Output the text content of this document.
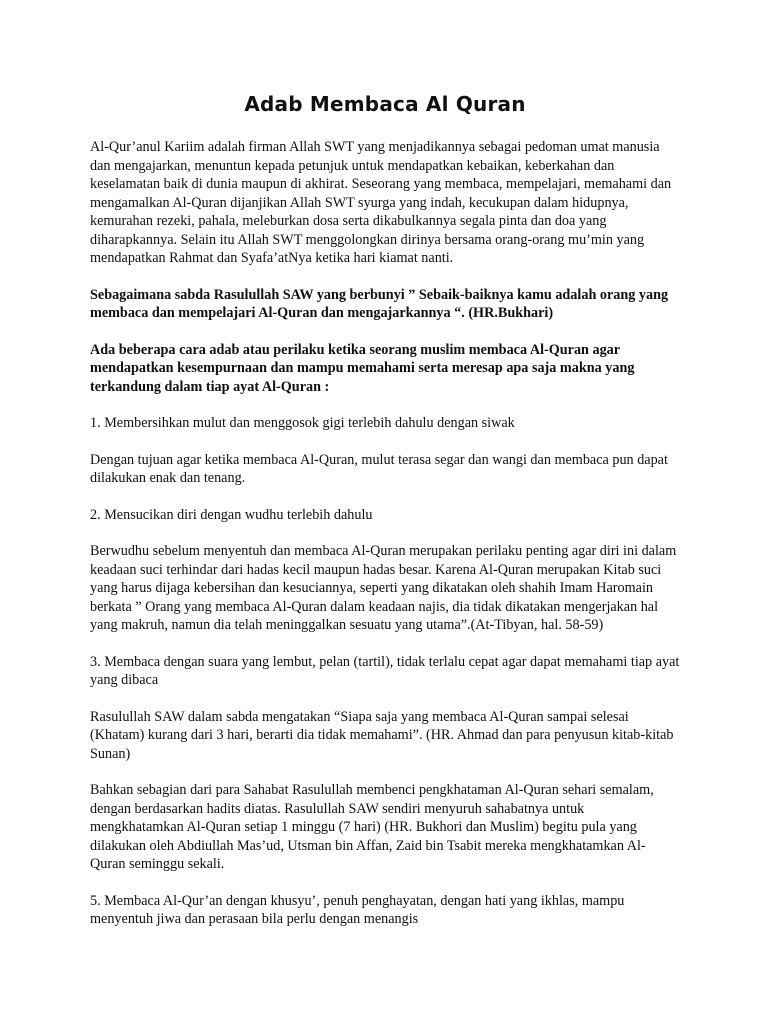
Adab Membaca Al Quran

Al-Qur’anul Kariim adalah firman Allah SWT yang menjadikannya sebagai pedoman umat manusia dan mengajarkan, menuntun kepada petunjuk untuk mendapatkan kebaikan, keberkahan dan keselamatan baik di dunia maupun di akhirat. Seseorang yang membaca, mempelajari, memahami dan mengamalkan Al-Quran dijanjikan Allah SWT syurga yang indah, kecukupan dalam hidupnya, kemurahan rezeki, pahala, meleburkan dosa serta dikabulkannya segala pinta dan doa yang diharapkannya. Selain itu Allah SWT menggolongkan dirinya bersama orang-orang mu’min yang mendapatkan Rahmat dan Syafa’atNya ketika hari kiamat nanti.

Sebagaimana sabda Rasulullah SAW yang berbunyi ” Sebaik-baiknya kamu adalah orang yang membaca dan mempelajari Al-Quran dan mengajarkannya “. (HR.Bukhari)

Ada beberapa cara adab atau perilaku ketika seorang muslim membaca Al-Quran agar mendapatkan kesempurnaan dan mampu memahami serta meresap apa saja makna yang terkandung dalam tiap ayat Al-Quran :

1. Membersihkan mulut dan menggosok gigi terlebih dahulu dengan siwak

Dengan tujuan agar ketika membaca Al-Quran, mulut terasa segar dan wangi dan membaca pun dapat dilakukan enak dan tenang.

2. Mensucikan diri dengan wudhu terlebih dahulu

Berwudhu sebelum menyentuh dan membaca Al-Quran merupakan perilaku penting agar diri ini dalam keadaan suci terhindar dari hadas kecil maupun hadas besar. Karena Al-Quran merupakan Kitab suci yang harus dijaga kebersihan dan kesuciannya, seperti yang dikatakan oleh shahih Imam Haromain berkata ” Orang yang membaca Al-Quran dalam keadaan najis, dia tidak dikatakan mengerjakan hal yang makruh, namun dia telah meninggalkan sesuatu yang utama”.(At-Tibyan, hal. 58-59)

3. Membaca dengan suara yang lembut, pelan (tartil), tidak terlalu cepat agar dapat memahami tiap ayat yang dibaca

Rasulullah SAW dalam sabda mengatakan “Siapa saja yang membaca Al-Quran sampai selesai (Khatam) kurang dari 3 hari, berarti dia tidak memahami”. (HR. Ahmad dan para penyusun kitab-kitab Sunan)

Bahkan sebagian dari para Sahabat Rasulullah membenci pengkhataman Al-Quran sehari semalam, dengan berdasarkan hadits diatas. Rasulullah SAW sendiri menyuruh sahabatnya untuk mengkhatamkan Al-Quran setiap 1 minggu (7 hari) (HR. Bukhori dan Muslim) begitu pula yang dilakukan oleh Abdiullah Mas’ud, Utsman bin Affan, Zaid bin Tsabit mereka mengkhatamkan Al-Quran seminggu sekali.

5. Membaca Al-Qur’an dengan khusyu’, penuh penghayatan, dengan hati yang ikhlas, mampu menyentuh jiwa dan perasaan bila perlu dengan menangis
